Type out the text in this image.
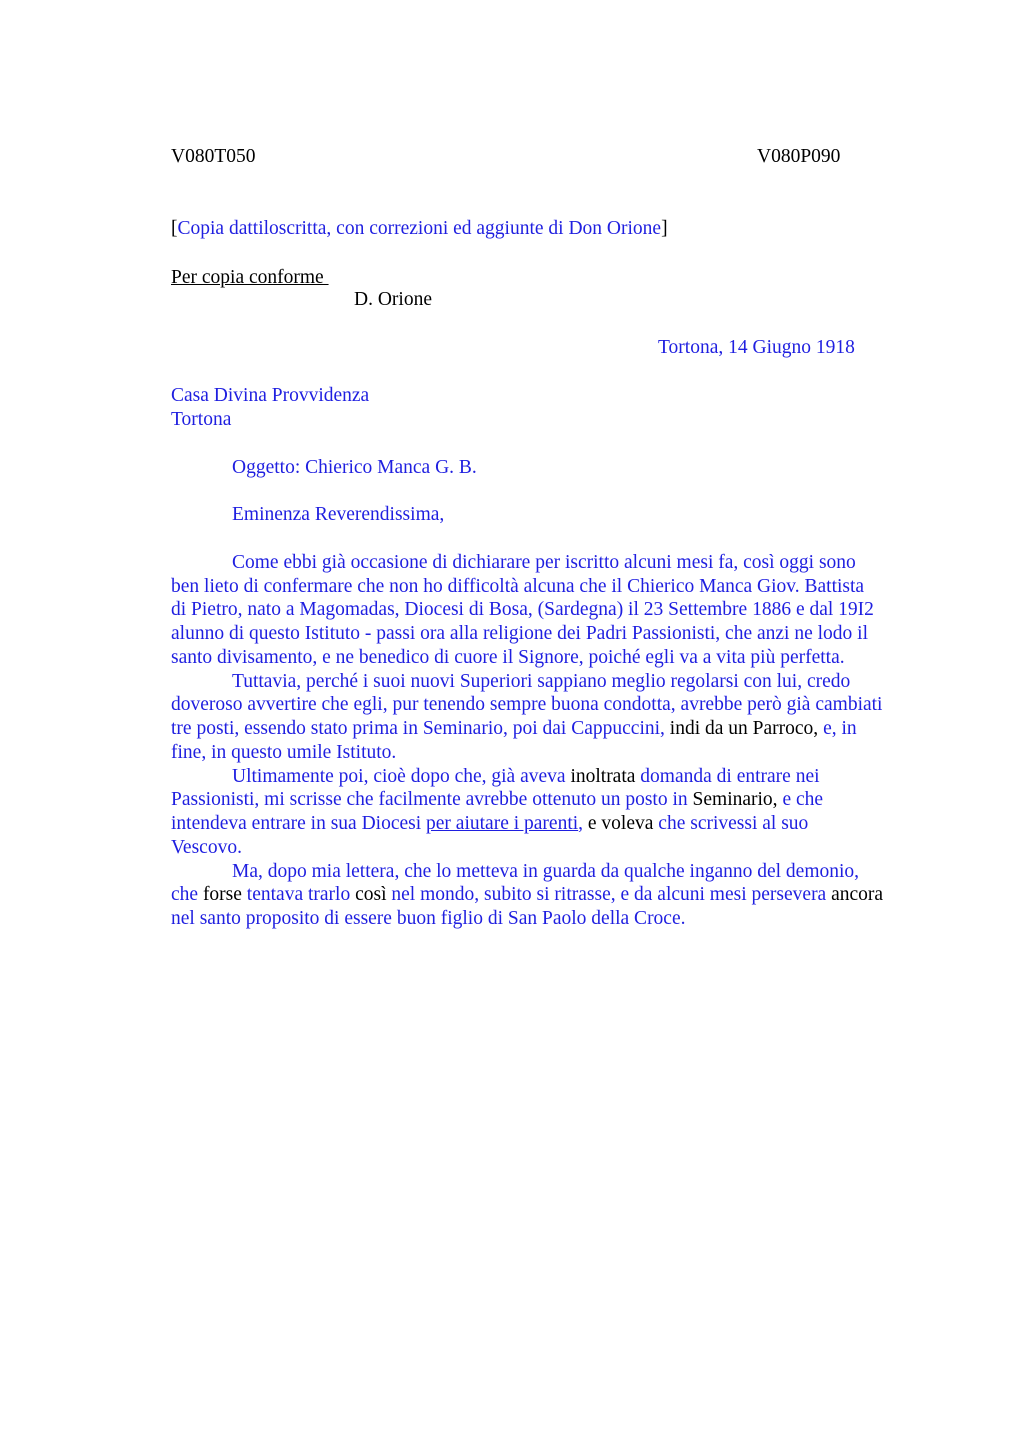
V080T050	V080P090
[Copia dattiloscritta, con correzioni ed aggiunte di Don Orione]
Per copia conforme
D. Orione
Tortona, 14 Giugno 1918
Casa Divina Provvidenza
Tortona
Oggetto: Chierico Manca G. B.
Eminenza Reverendissima,
Come ebbi già occasione di dichiarare per iscritto alcuni mesi fa, così oggi sono
ben lieto di confermare che non ho difficoltà alcuna che il Chierico Manca Giov. Battista
di Pietro, nato a Magomadas, Diocesi di Bosa, (Sardegna) il 23 Settembre 1886 e dal 19I2
alunno di questo Istituto - passi ora alla religione dei Padri Passionisti, che anzi ne lodo il
santo divisamento, e ne benedico di cuore il Signore, poiché egli va a vita più perfetta.
Tuttavia, perché i suoi nuovi Superiori sappiano meglio regolarsi con lui, credo
doveroso avvertire che egli, pur tenendo sempre buona condotta, avrebbe però già cambiati
tre posti, essendo stato prima in Seminario, poi dai Cappuccini, indi da un Parroco, e, in
fine, in questo umile Istituto.
Ultimamente poi, cioè dopo che, già aveva inoltrata domanda di entrare nei
Passionisti, mi scrisse che facilmente avrebbe ottenuto un posto in Seminario, e che
intendeva entrare in sua Diocesi per aiutare i parenti, e voleva che scrivessi al suo
Vescovo.
Ma, dopo mia lettera, che lo metteva in guarda da qualche inganno del demonio,
che forse tentava trarlo così nel mondo, subito si ritrasse, e da alcuni mesi persevera ancora
nel santo proposito di essere buon figlio di San Paolo della Croce.
